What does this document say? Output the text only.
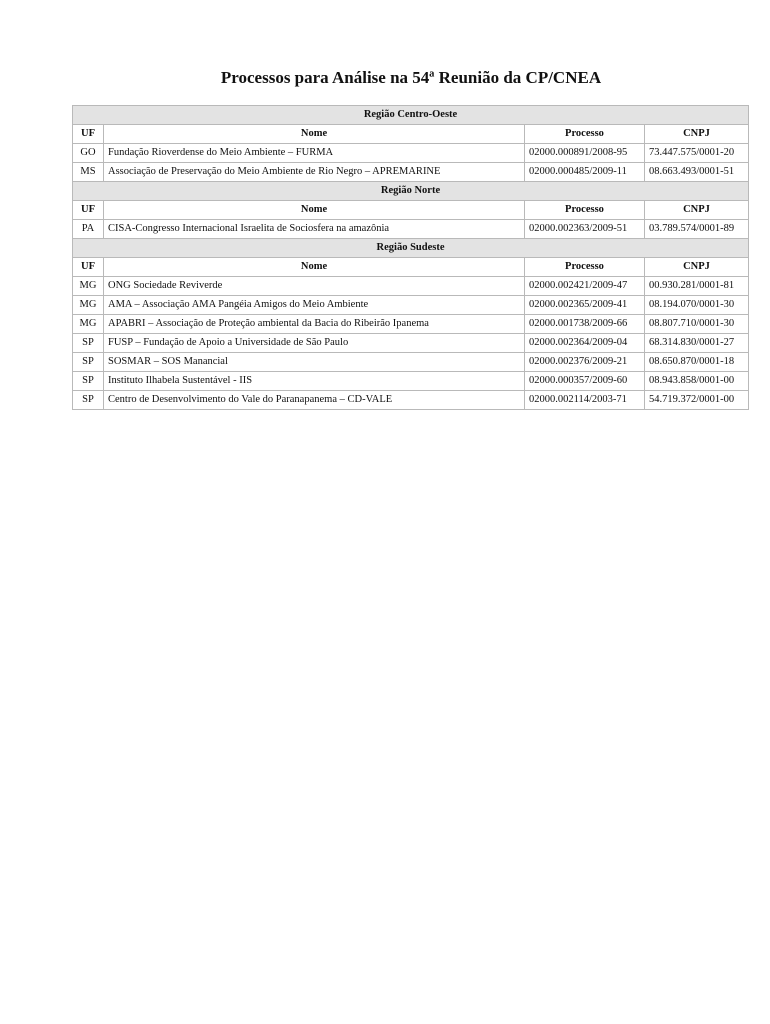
Processos para Análise na 54ª Reunião da CP/CNEA
Região Centro-Oeste			
UF	Nome	Processo	CNPJ
GO	Fundação Rioverdense do Meio Ambiente – FURMA	02000.000891/2008-95	73.447.575/0001-20
MS	Associação de Preservação do Meio Ambiente de Rio Negro – APREMARINE	02000.000485/2009-11	08.663.493/0001-51
Região Norte			
UF	Nome	Processo	CNPJ
PA	CISA-Congresso Internacional Israelita de Sociosfera na amazônia	02000.002363/2009-51	03.789.574/0001-89
Região Sudeste			
UF	Nome	Processo	CNPJ
MG	ONG Sociedade Reviverde	02000.002421/2009-47	00.930.281/0001-81
MG	AMA – Associação AMA Pangéia Amigos do Meio Ambiente	02000.002365/2009-41	08.194.070/0001-30
MG	APABRI – Associação de Proteção ambiental da Bacia do Ribeirão Ipanema	02000.001738/2009-66	08.807.710/0001-30
SP	FUSP – Fundação de Apoio a Universidade de São Paulo	02000.002364/2009-04	68.314.830/0001-27
SP	SOSMAR – SOS Manancial	02000.002376/2009-21	08.650.870/0001-18
SP	Instituto Ilhabela Sustentável - IIS	02000.000357/2009-60	08.943.858/0001-00
SP	Centro de Desenvolvimento do Vale do Paranapanema – CD-VALE	02000.002114/2003-71	54.719.372/0001-00
